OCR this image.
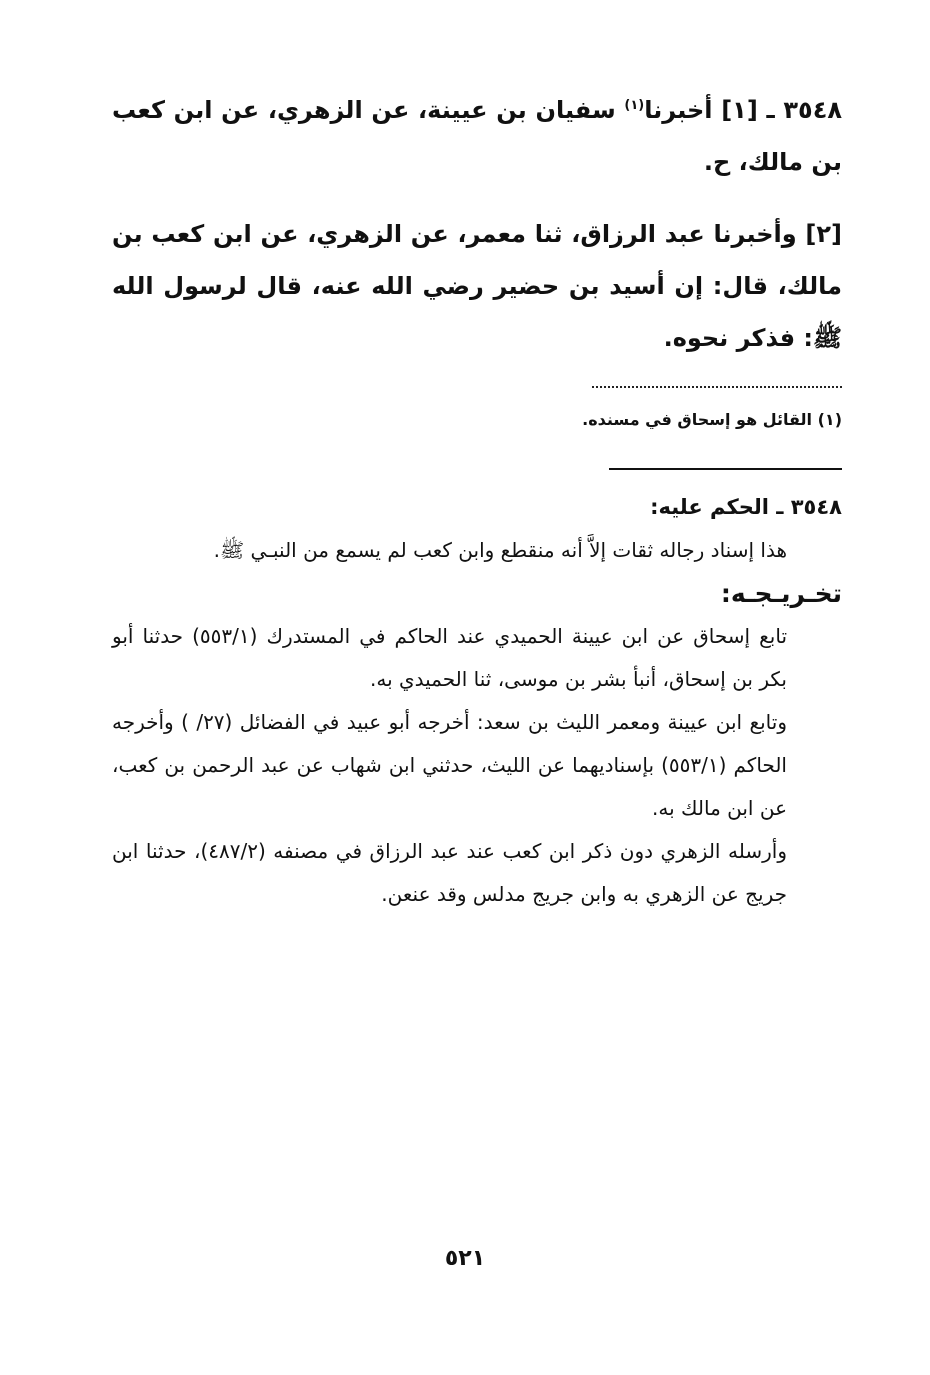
٣٥٤٨ ـ [١] أخبرنا$^{(١)}$ سفيان بن عيينة، عن الزهري، عن ابن كعب بن مالك، ح.
[٢] وأخبرنا عبد الرزاق، ثنا معمر، عن الزهري، عن ابن كعب بن مالك، قال: إن أسيد بن حضير رضي الله عنه، قال لرسول الله ﷺ: فذكر نحوه.
(١) القائل هو إسحاق في مسنده.
٣٥٤٨ ـ الحكم عليه:
هذا إسناد رجاله ثقات إلاَّ أنه منقطع وابن كعب لم يسمع من النبـي ﷺ.
تخـريـجـه:
تابع إسحاق عن ابن عيينة الحميدي عند الحاكم في المستدرك (٥٥٣/١) حدثنا أبو بكر بن إسحاق، أنبأ بشر بن موسى، ثنا الحميدي به.
وتابع ابن عيينة ومعمر الليث بن سعد: أخرجه أبو عبيد في الفضائل (٢٧/ ) وأخرجه الحاكم (٥٥٣/١) بإسناديهما عن الليث، حدثني ابن شهاب عن عبد الرحمن بن كعب، عن ابن مالك به.
وأرسله الزهري دون ذكر ابن كعب عند عبد الرزاق في مصنفه (٤٨٧/٢)، حدثنا ابن جريج عن الزهري به وابن جريج مدلس وقد عنعن.
٥٢١
